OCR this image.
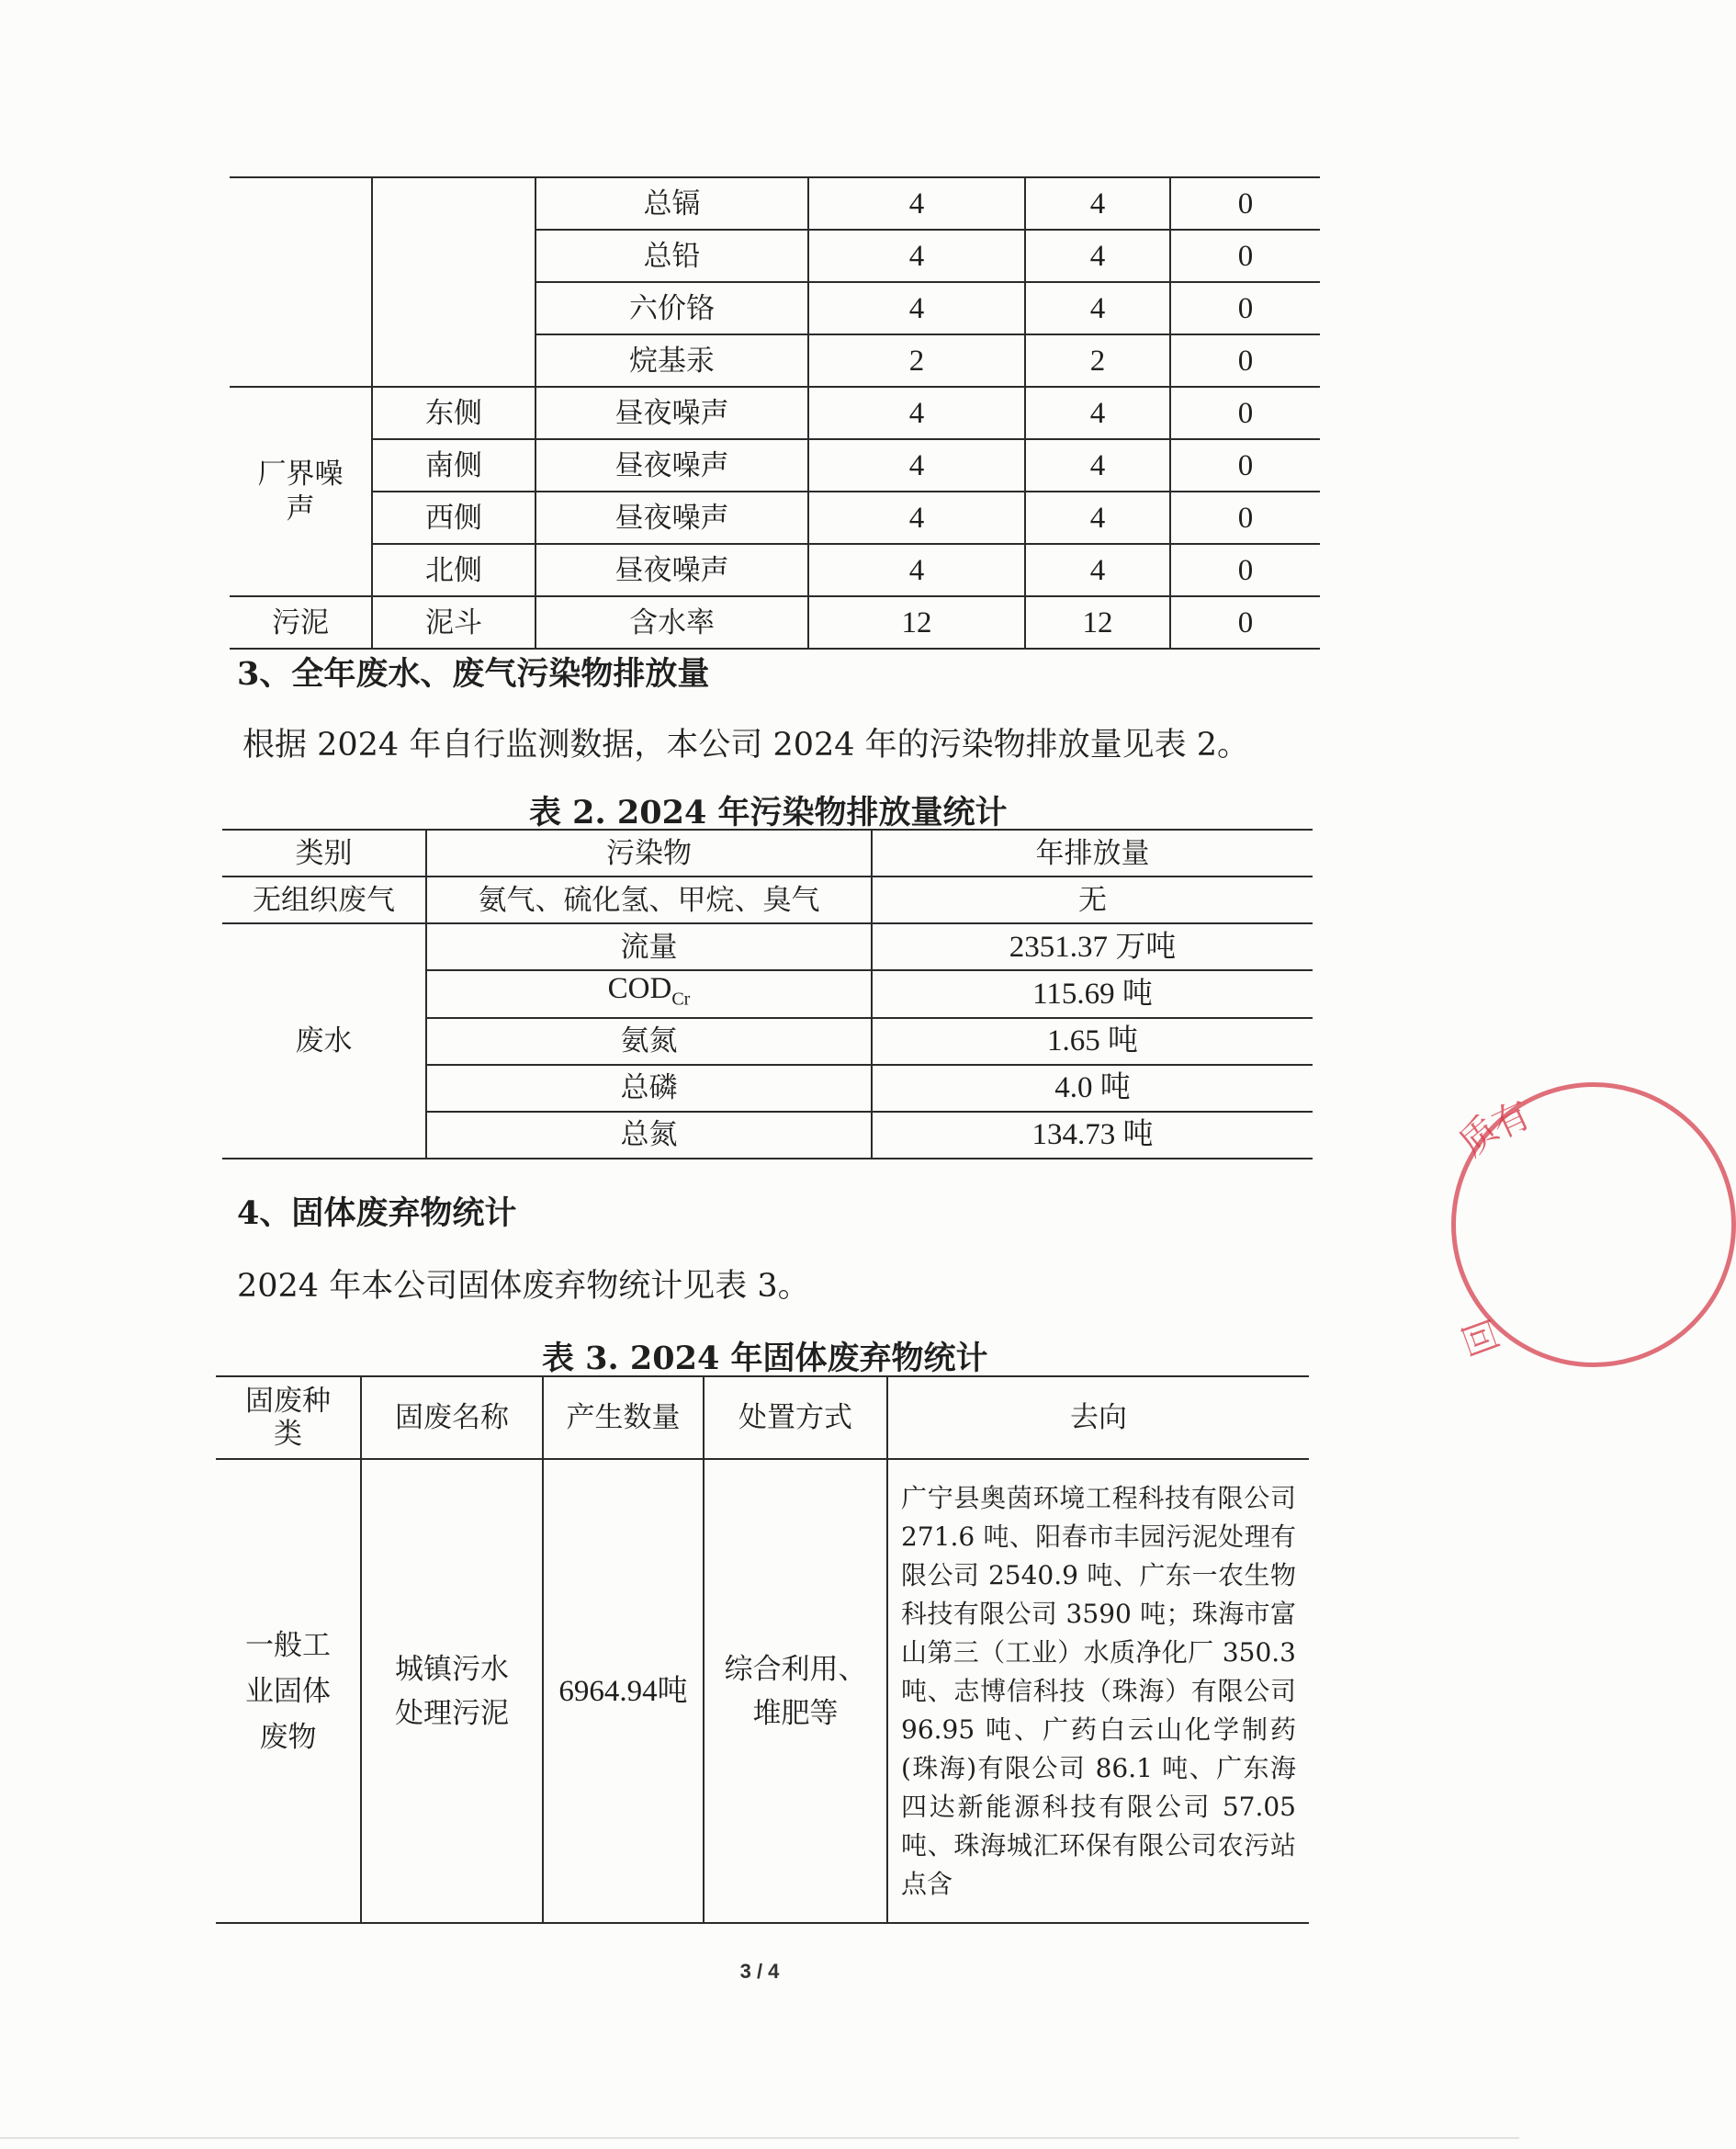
		总镉	4	4	0
		总铅	4	4	0
		六价铬	4	4	0
		烷基汞	2	2	0
厂界噪声	东侧	昼夜噪声	4	4	0
	南侧	昼夜噪声	4	4	0
	西侧	昼夜噪声	4	4	0
	北侧	昼夜噪声	4	4	0
污泥	泥斗	含水率	12	12	0
3、全年废水、废气污染物排放量

根据 2024 年自行监测数据，本公司 2024 年的污染物排放量见表 2。

表 2. 2024 年污染物排放量统计
类别	污染物	年排放量
无组织废气	氨气、硫化氢、甲烷、臭气	无
废水	流量	2351.37 万吨
	$COD_{Cr}$	115.69 吨
	氨氮	1.65 吨
	总磷	4.0 吨
	总氮	134.73 吨
4、固体废弃物统计

2024 年本公司固体废弃物统计见表 3。

表 3. 2024 年固体废弃物统计
固废种类	固废名称	产生数量	处置方式	去向
一般工业固体废物	城镇污水处理污泥	6964.94吨	综合利用、堆肥等	广宁县奥茵环境工程科技有限公司 271.6 吨、阳春市丰园污泥处理有限公司 2540.9 吨、广东一农生物科技有限公司 3590 吨；珠海市富山第三（工业）水质净化厂 350.3 吨、志博信科技（珠海）有限公司 96.95 吨、广药白云山化学制药(珠海)有限公司 86.1 吨、广东海四达新能源科技有限公司 57.05 吨、珠海城汇环保有限公司农污站点含
3 / 4
质
有
回
